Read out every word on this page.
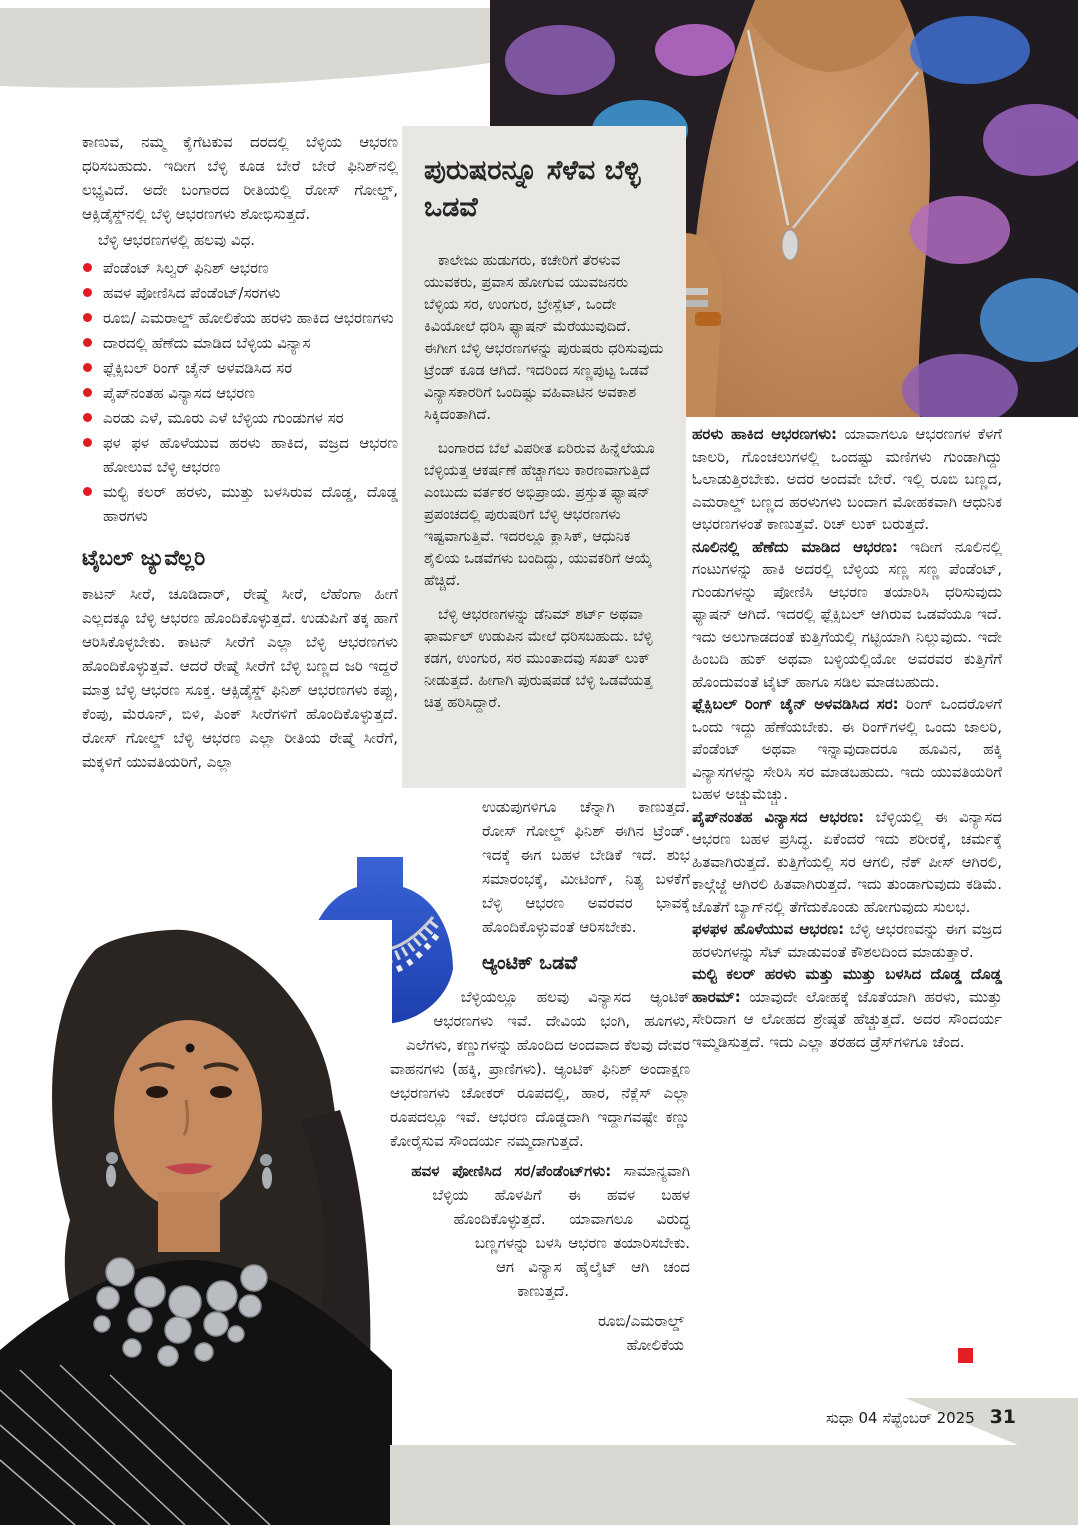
ಪುರುಷರನ್ನೂ ಸೆಳೆವ ಬೆಳ್ಳಿ ಒಡವೆ

ಕಾಲೇಜು ಹುಡುಗರು, ಕಚೇರಿಗೆ ತೆರಳುವ ಯುವಕರು, ಪ್ರವಾಸ ಹೋಗುವ ಯುವಜನರು ಬೆಳ್ಳಿಯ ಸರ, ಉಂಗುರ, ಬ್ರೇಸ್ಲೆಟ್, ಒಂದೇ ಕಿವಿಯೋಲೆ ಧರಿಸಿ ಫ್ಯಾಷನ್ ಮೆರೆಯುವುದಿದೆ. ಈಗೀಗ ಬೆಳ್ಳಿ ಆಭರಣಗಳನ್ನು ಪುರುಷರು ಧರಿಸುವುದು ಟ್ರೆಂಡ್ ಕೂಡ ಆಗಿದೆ. ಇದರಿಂದ ಸಣ್ಣಪುಟ್ಟ ಒಡವೆ ವಿನ್ಯಾಸಕಾರರಿಗೆ ಒಂದಿಷ್ಟು ವಹಿವಾಟಿನ ಅವಕಾಶ ಸಿಕ್ಕಿದಂತಾಗಿದೆ.

ಬಂಗಾರದ ಬೆಲೆ ವಿಪರೀತ ಏರಿರುವ ಹಿನ್ನೆಲೆಯೂ ಬೆಳ್ಳಿಯತ್ತ ಆಕರ್ಷಣೆ ಹೆಚ್ಚಾಗಲು ಕಾರಣವಾಗುತ್ತಿದೆ ಎಂಬುದು ವರ್ತಕರ ಅಭಿಪ್ರಾಯ. ಪ್ರಸ್ತುತ ಫ್ಯಾಷನ್ ಪ್ರಪಂಚದಲ್ಲಿ ಪುರುಷರಿಗೆ ಬೆಳ್ಳಿ ಆಭರಣಗಳು ಇಷ್ಟವಾಗುತ್ತಿವೆ. ಇದರಲ್ಲೂ ಕ್ಲಾಸಿಕ್, ಆಧುನಿಕ ಶೈಲಿಯ ಒಡವೆಗಳು ಬಂದಿದ್ದು, ಯುವಕರಿಗೆ ಆಯ್ಕೆ ಹೆಚ್ಚಿದೆ.

ಬೆಳ್ಳಿ ಆಭರಣಗಳನ್ನು ಡೆನಿಮ್ ಶರ್ಟ್ ಅಥವಾ ಫಾರ್ಮಲ್ ಉಡುಪಿನ ಮೇಲೆ ಧರಿಸಬಹುದು. ಬೆಳ್ಳಿ ಕಡಗ, ಉಂಗುರ, ಸರ ಮುಂತಾದವು ಸಖತ್ ಲುಕ್ ನೀಡುತ್ತದೆ. ಹೀಗಾಗಿ ಪುರುಷಪಡೆ ಬೆಳ್ಳಿ ಒಡವೆಯತ್ತ ಚಿತ್ತ ಹರಿಸಿದ್ದಾರೆ.

ಕಾಣುವ, ನಮ್ಮ ಕೈಗೆಟಕುವ ದರದಲ್ಲಿ ಬೆಳ್ಳಿಯ ಆಭರಣ ಧರಿಸಬಹುದು. ಇದೀಗ ಬೆಳ್ಳಿ ಕೂಡ ಬೇರೆ ಬೇರೆ ಫಿನಿಶ್‌ನಲ್ಲಿ ಲಭ್ಯವಿದೆ. ಅದೇ ಬಂಗಾರದ ರೀತಿಯಲ್ಲಿ ರೋಸ್ ಗೋಲ್ಡ್, ಆಕ್ಸಿಡೈಸ್ಡ್‌ನಲ್ಲಿ ಬೆಳ್ಳಿ ಆಭರಣಗಳು ಶೋಭಿಸುತ್ತದೆ.

ಬೆಳ್ಳಿ ಆಭರಣಗಳಲ್ಲಿ ಹಲವು ವಿಧ.

ಪೆಂಡೆಂಟ್ ಸಿಲ್ವರ್ ಫಿನಿಶ್ ಆಭರಣ
ಹವಳ ಪೋಣಿಸಿದ ಪೆಂಡೆಂಟ್/ಸರಗಳು
ರೂಬಿ/ ಎಮರಾಲ್ಡ್ ಹೋಲಿಕೆಯ ಹರಳು ಹಾಕಿದ ಆಭರಣಗಳು
ದಾರದಲ್ಲಿ ಹೆಣೆದು ಮಾಡಿದ ಬೆಳ್ಳಿಯ ವಿನ್ಯಾಸ
ಫ್ಲೆಕ್ಸಿಬಲ್ ರಿಂಗ್ ಚೈನ್ ಅಳವಡಿಸಿದ ಸರ
ಪೈಪ್‌ನಂತಹ ವಿನ್ಯಾಸದ ಆಭರಣ
ಎರಡು ಎಳೆ, ಮೂರು ಎಳೆ ಬೆಳ್ಳಿಯ ಗುಂಡುಗಳ ಸರ
ಫಳ ಫಳ ಹೊಳೆಯುವ ಹರಳು ಹಾಕಿದ, ವಜ್ರದ ಆಭರಣ ಹೋಲುವ ಬೆಳ್ಳಿ ಆಭರಣ
ಮಲ್ಟಿ ಕಲರ್ ಹರಳು, ಮುತ್ತು ಬಳಸಿರುವ ದೊಡ್ಡ, ದೊಡ್ಡ ಹಾರಗಳು
ಟೈಬಲ್ ಜ್ಯುವೆಲ್ಲರಿ

ಕಾಟನ್ ಸೀರೆ, ಚೂಡಿದಾರ್, ರೇಷ್ಮೆ ಸೀರೆ, ಲೆಹೆಂಗಾ ಹೀಗೆ ಎಲ್ಲದಕ್ಕೂ ಬೆಳ್ಳಿ ಆಭರಣ ಹೊಂದಿಕೊಳ್ಳುತ್ತದೆ. ಉಡುಪಿಗೆ ತಕ್ಕ ಹಾಗೆ ಆರಿಸಿಕೊಳ್ಳಬೇಕು. ಕಾಟನ್ ಸೀರೆಗೆ ಎಲ್ಲಾ ಬೆಳ್ಳಿ ಆಭರಣಗಳು ಹೊಂದಿಕೊಳ್ಳುತ್ತವೆ. ಆದರೆ ರೇಷ್ಮೆ ಸೀರೆಗೆ ಬೆಳ್ಳಿ ಬಣ್ಣದ ಜರಿ ಇದ್ದರೆ ಮಾತ್ರ ಬೆಳ್ಳಿ ಆಭರಣ ಸೂಕ್ತ. ಆಕ್ಸಿಡೈಸ್ಡ್ ಫಿನಿಶ್ ಆಭರಣಗಳು ಕಪ್ಪು, ಕೆಂಪು, ಮೆರೂನ್, ಬಿಳಿ, ಪಿಂಕ್ ಸೀರೆಗಳಿಗೆ ಹೊಂದಿಕೊಳ್ಳುತ್ತದೆ. ರೋಸ್ ಗೋಲ್ಡ್ ಬೆಳ್ಳಿ ಆಭರಣ ಎಲ್ಲಾ ರೀತಿಯ ರೇಷ್ಮೆ ಸೀರೆಗೆ, ಮಕ್ಕಳಿಗೆ ಯುವತಿಯರಿಗೆ, ಎಲ್ಲಾ

ಉಡುಪುಗಳಿಗೂ ಚೆನ್ನಾಗಿ ಕಾಣುತ್ತದೆ. ರೋಸ್ ಗೋಲ್ಡ್ ಫಿನಿಶ್ ಈಗಿನ ಟ್ರೆಂಡ್. ಇದಕ್ಕೆ ಈಗ ಬಹಳ ಬೇಡಿಕೆ ಇದೆ. ಶುಭ ಸಮಾರಂಭಕ್ಕೆ, ಮೀಟಿಂಗ್, ನಿತ್ಯ ಬಳಕೆಗೆ ಬೆಳ್ಳಿ ಆಭರಣ ಅವರವರ ಭಾವಕ್ಕೆ ಹೊಂದಿಕೊಳ್ಳುವಂತೆ ಆರಿಸಬೇಕು.

ಆ್ಯಂಟಿಕ್ ಒಡವೆ

ಬೆಳ್ಳಿಯಲ್ಲೂ ಹಲವು ವಿನ್ಯಾಸದ ಆ್ಯಂಟಿಕ್ ಆಭರಣಗಳು ಇವೆ. ದೇವಿಯ ಭಂಗಿ, ಹೂಗಳು, ಎಲೆಗಳು, ಕಣ್ಣುಗಳನ್ನು ಹೊಂದಿದ ಅಂದವಾದ ಕೆಲವು ದೇವರ ವಾಹನಗಳು (ಹಕ್ಕಿ, ಪ್ರಾಣಿಗಳು). ಆ್ಯಂಟಿಕ್ ಫಿನಿಶ್ ಅಂದಾಕ್ಷಣ ಆಭರಣಗಳು ಚೋಕರ್ ರೂಪದಲ್ಲಿ, ಹಾರ, ನೆಕ್ಲೆಸ್ ಎಲ್ಲಾ ರೂಪದಲ್ಲೂ ಇವೆ. ಆಭರಣ ದೊಡ್ಡದಾಗಿ ಇದ್ದಾಗವಷ್ಟೇ ಕಣ್ಣು ಕೋರೈಸುವ ಸೌಂದರ್ಯ ನಮ್ಮದಾಗುತ್ತದೆ.

ಹವಳ ಪೋಣಿಸಿದ ಸರ/ಪೆಂಡೆಂಟ್‌ಗಳು: ಸಾಮಾನ್ಯವಾಗಿ ಬೆಳ್ಳಿಯ ಹೊಳಪಿಗೆ ಈ ಹವಳ ಬಹಳ ಹೊಂದಿಕೊಳ್ಳುತ್ತದೆ. ಯಾವಾಗಲೂ ವಿರುದ್ಧ ಬಣ್ಣಗಳನ್ನು ಬಳಸಿ ಆಭರಣ ತಯಾರಿಸಬೇಕು. ಆಗ ವಿನ್ಯಾಸ ಹೈಲೈಟ್ ಆಗಿ ಚಂದ ಕಾಣುತ್ತದೆ.

ರೂಬಿ/ಎಮರಾಲ್ಡ್ ಹೋಲಿಕೆಯ

ಹರಳು ಹಾಕಿದ ಆಭರಣಗಳು: ಯಾವಾಗಲೂ ಆಭರಣಗಳ ಕೆಳಗೆ ಜಾಲರಿ, ಗೊಂಚಲುಗಳಲ್ಲಿ ಒಂದಷ್ಟು ಮಣಿಗಳು ಗುಂಡಾಗಿದ್ದು ಓಲಾಡುತ್ತಿರಬೇಕು. ಅದರ ಅಂದವೇ ಬೇರೆ. ಇಲ್ಲಿ ರೂಬಿ ಬಣ್ಣದ, ಎಮರಾಲ್ಡ್ ಬಣ್ಣದ ಹರಳುಗಳು ಬಂದಾಗ ಮೋಹಕವಾಗಿ ಆಧುನಿಕ ಆಭರಣಗಳಂತೆ ಕಾಣುತ್ತವೆ. ರಿಚ್ ಲುಕ್ ಬರುತ್ತದೆ.

ನೂಲಿನಲ್ಲಿ ಹೆಣೆದು ಮಾಡಿದ ಆಭರಣ: ಇದೀಗ ನೂಲಿನಲ್ಲಿ ಗಂಟುಗಳನ್ನು ಹಾಕಿ ಅದರಲ್ಲಿ ಬೆಳ್ಳಿಯ ಸಣ್ಣ ಸಣ್ಣ ಪೆಂಡೆಂಟ್, ಗುಂಡುಗಳನ್ನು ಪೋಣಿಸಿ ಆಭರಣ ತಯಾರಿಸಿ ಧರಿಸುವುದು ಫ್ಯಾಷನ್ ಆಗಿದೆ. ಇದರಲ್ಲಿ ಫ್ಲೆಕ್ಸಿಬಲ್ ಆಗಿರುವ ಒಡವೆಯೂ ಇದೆ. ಇದು ಅಲುಗಾಡದಂತೆ ಕುತ್ತಿಗೆಯಲ್ಲಿ ಗಟ್ಟಿಯಾಗಿ ನಿಲ್ಲುವುದು. ಇದೇ ಹಿಂಬದಿ ಹುಕ್ ಅಥವಾ ಬಳ್ಳಿಯಲ್ಲಿಯೋ ಅವರವರ ಕುತ್ತಿಗೆಗೆ ಹೊಂದುವಂತೆ ಟೈಟ್ ಹಾಗೂ ಸಡಿಲ ಮಾಡಬಹುದು.

ಫ್ಲೆಕ್ಸಿಬಲ್ ರಿಂಗ್ ಚೈನ್ ಅಳವಡಿಸಿದ ಸರ: ರಿಂಗ್ ಒಂದರೊಳಗೆ ಒಂದು ಇದ್ದು ಹೆಣೆಯಬೇಕು. ಈ ರಿಂಗ್‌ಗಳಲ್ಲಿ ಒಂದು ಜಾಲರಿ, ಪೆಂಡೆಂಟ್ ಅಥವಾ ಇನ್ನಾವುದಾದರೂ ಹೂವಿನ, ಹಕ್ಕಿ ವಿನ್ಯಾಸಗಳನ್ನು ಸೇರಿಸಿ ಸರ ಮಾಡಬಹುದು. ಇದು ಯುವತಿಯರಿಗೆ ಬಹಳ ಅಚ್ಚುಮೆಚ್ಚು.

ಪೈಪ್‌ನಂತಹ ವಿನ್ಯಾಸದ ಆಭರಣ: ಬೆಳ್ಳಿಯಲ್ಲಿ ಈ ವಿನ್ಯಾಸದ ಆಭರಣ ಬಹಳ ಪ್ರಸಿದ್ಧ. ಏಕೆಂದರೆ ಇದು ಶರೀರಕ್ಕೆ, ಚರ್ಮಕ್ಕೆ ಹಿತವಾಗಿರುತ್ತದೆ. ಕುತ್ತಿಗೆಯಲ್ಲಿ ಸರ ಆಗಲಿ, ನೆಕ್ ಪೀಸ್ ಆಗಿರಲಿ, ಕಾಲ್ಗೆಜ್ಜೆ ಆಗಿರಲಿ ಹಿತವಾಗಿರುತ್ತದೆ. ಇದು ತುಂಡಾಗುವುದು ಕಡಿಮೆ. ಜೊತೆಗೆ ಬ್ಯಾಗ್‌ನಲ್ಲಿ ತೆಗೆದುಕೊಂಡು ಹೋಗುವುದು ಸುಲಭ.

ಫಳಫಳ ಹೊಳೆಯುವ ಆಭರಣ: ಬೆಳ್ಳಿ ಆಭರಣವನ್ನು ಈಗ ವಜ್ರದ ಹರಳುಗಳನ್ನು ಸೆಟ್ ಮಾಡುವಂತೆ ಕೌಶಲದಿಂದ ಮಾಡುತ್ತಾರೆ.

ಮಲ್ಟಿ ಕಲರ್ ಹರಳು ಮತ್ತು ಮುತ್ತು ಬಳಸಿದ ದೊಡ್ಡ ದೊಡ್ಡ ಹಾರಮ್: ಯಾವುದೇ ಲೋಹಕ್ಕೆ ಜೊತೆಯಾಗಿ ಹರಳು, ಮುತ್ತು ಸೇರಿದಾಗ ಆ ಲೋಹದ ಶ್ರೇಷ್ಠತೆ ಹೆಚ್ಚುತ್ತದೆ. ಅದರ ಸೌಂದರ್ಯ ಇಮ್ಮಡಿಸುತ್ತದೆ. ಇದು ಎಲ್ಲಾ ತರಹದ ಡ್ರೆಸ್‌ಗಳಿಗೂ ಚೆಂದ.

ಸುಧಾ 04 ಸೆಪ್ಟೆಂಬರ್ 2025 31
